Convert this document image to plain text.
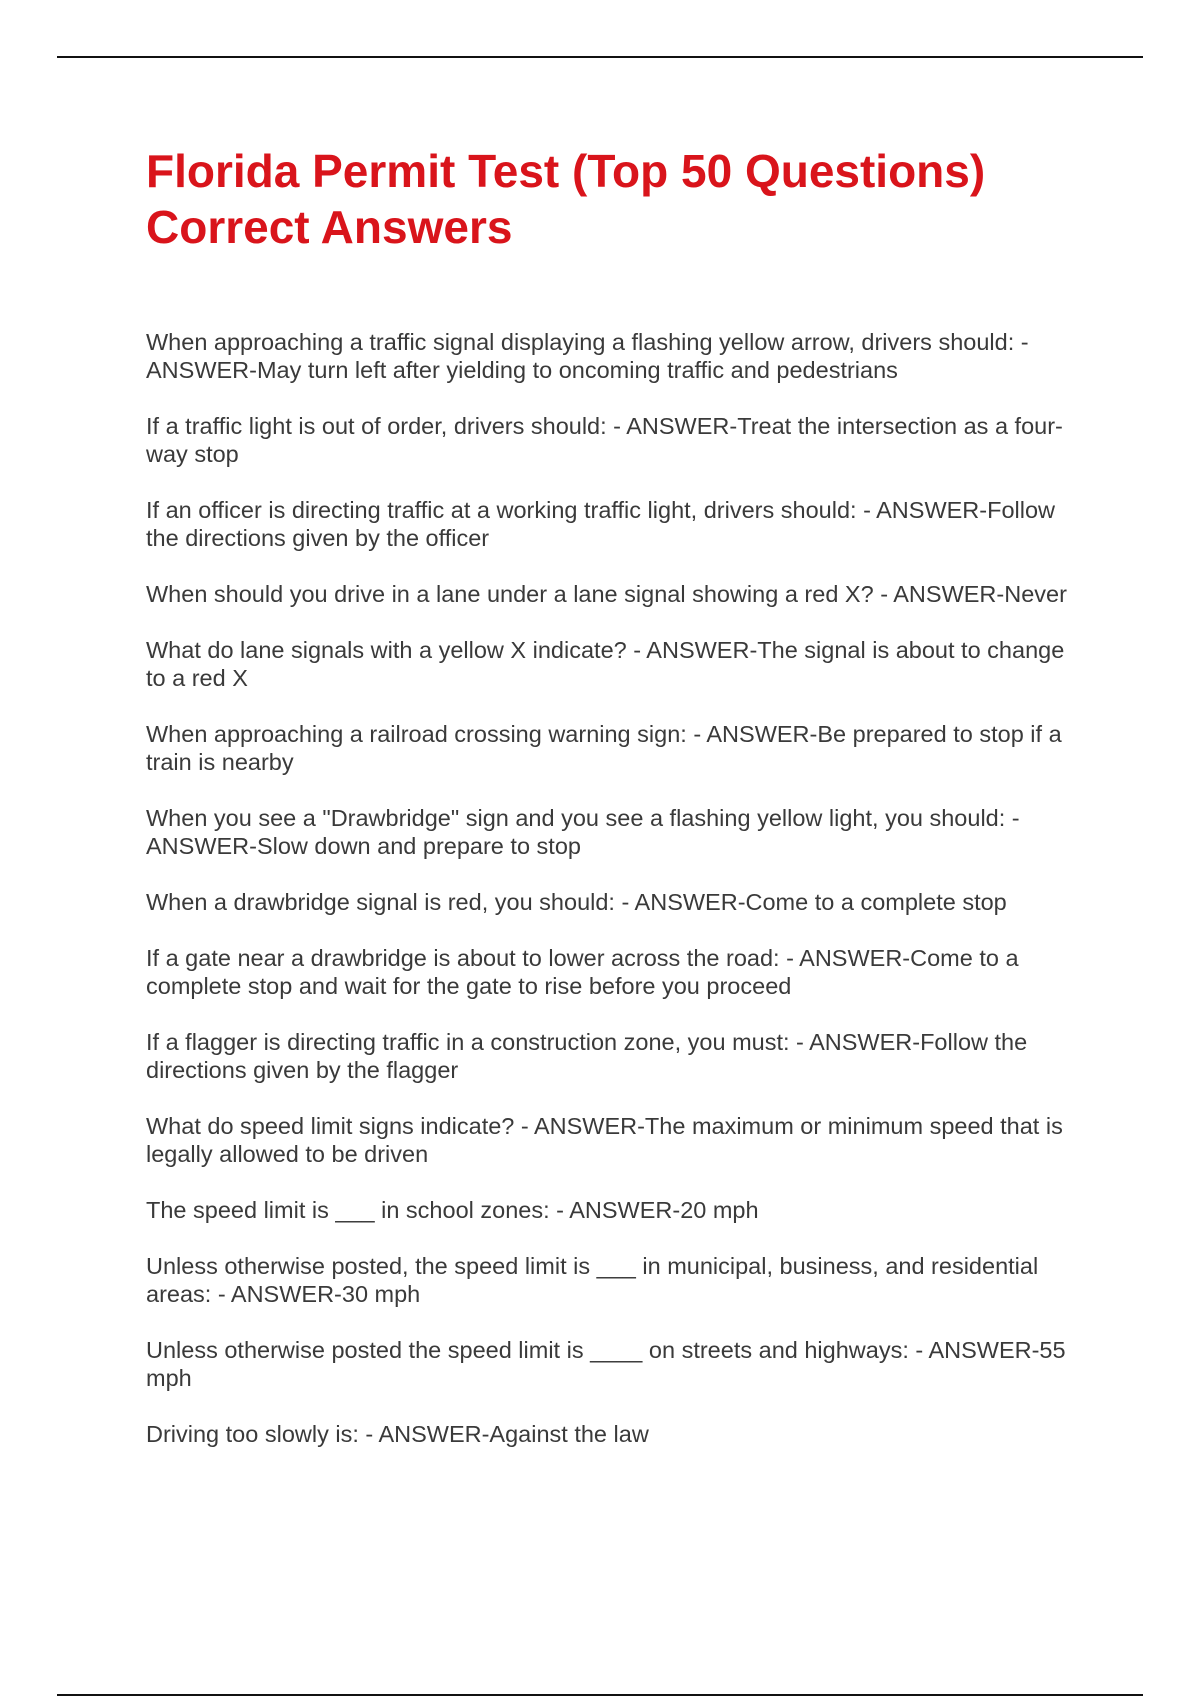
Florida Permit Test (Top 50 Questions)
Correct Answers

When approaching a traffic signal displaying a flashing yellow arrow, drivers should: - ANSWER-May turn left after yielding to oncoming traffic and pedestrians

If a traffic light is out of order, drivers should: - ANSWER-Treat the intersection as a four-way stop

If an officer is directing traffic at a working traffic light, drivers should: - ANSWER-Follow the directions given by the officer

When should you drive in a lane under a lane signal showing a red X? - ANSWER-Never

What do lane signals with a yellow X indicate? - ANSWER-The signal is about to change to a red X

When approaching a railroad crossing warning sign: - ANSWER-Be prepared to stop if a train is nearby

When you see a "Drawbridge" sign and you see a flashing yellow light, you should: - ANSWER-Slow down and prepare to stop

When a drawbridge signal is red, you should: - ANSWER-Come to a complete stop

If a gate near a drawbridge is about to lower across the road: - ANSWER-Come to a complete stop and wait for the gate to rise before you proceed

If a flagger is directing traffic in a construction zone, you must: - ANSWER-Follow the directions given by the flagger

What do speed limit signs indicate? - ANSWER-The maximum or minimum speed that is legally allowed to be driven

The speed limit is ___ in school zones: - ANSWER-20 mph

Unless otherwise posted, the speed limit is ___ in municipal, business, and residential areas: - ANSWER-30 mph

Unless otherwise posted the speed limit is ____ on streets and highways: - ANSWER-55 mph

Driving too slowly is: - ANSWER-Against the law
